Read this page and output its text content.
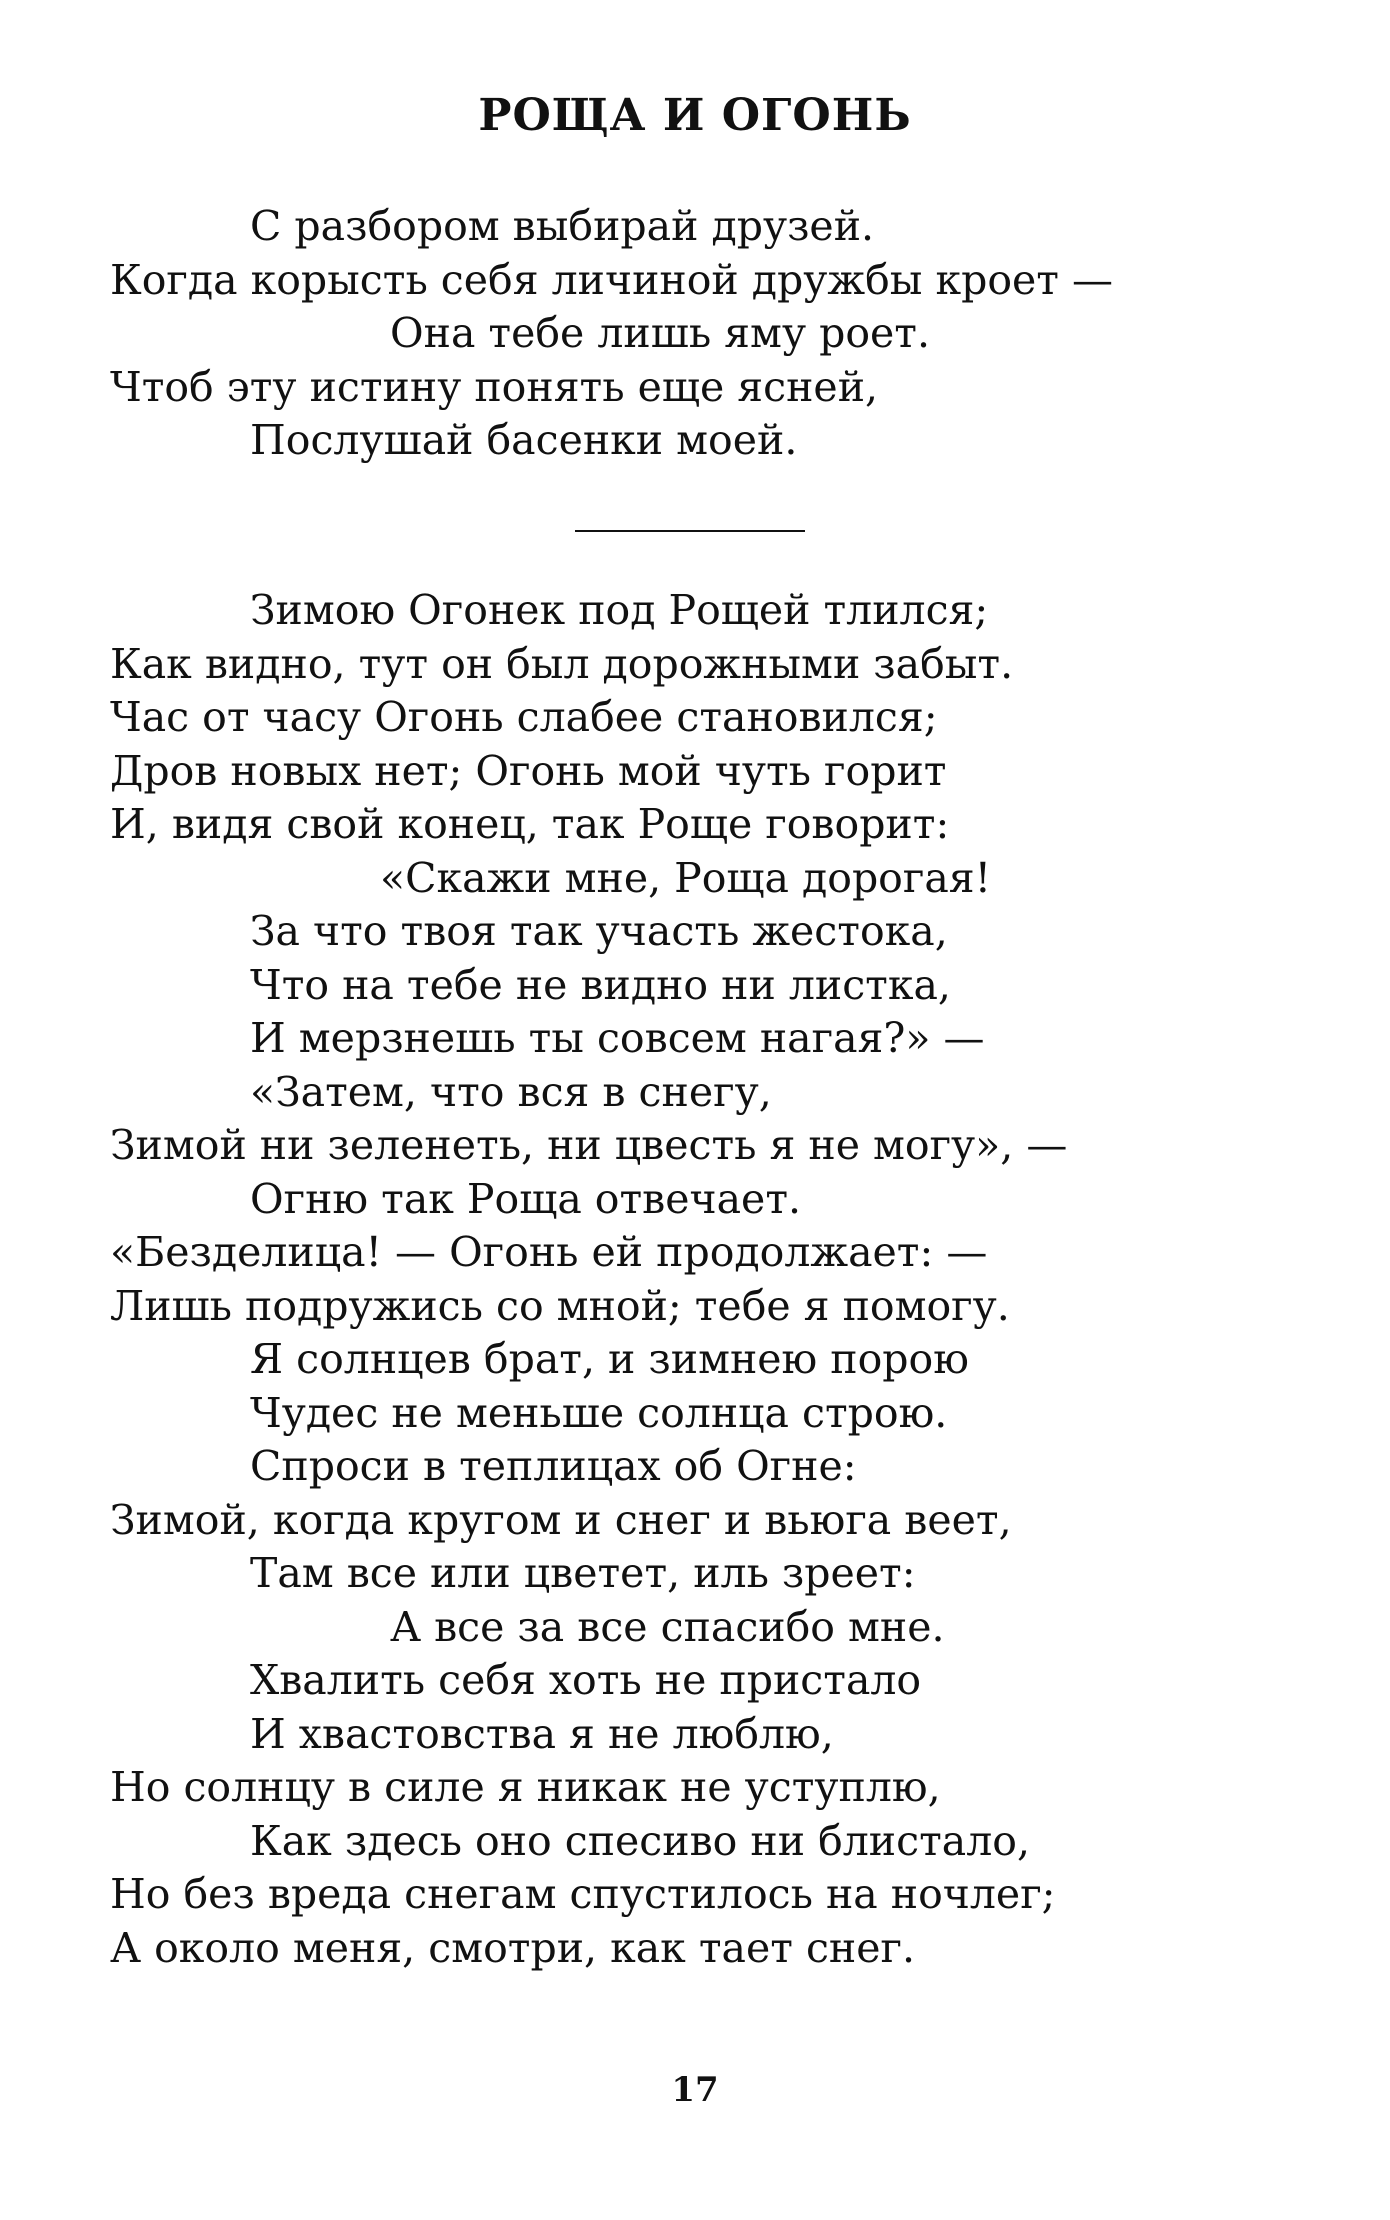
РОЩА И ОГОНЬ
С разбором выбирай друзей.
Когда корысть себя личиной дружбы кроет —
Она тебе лишь яму роет.
Чтоб эту истину понять еще ясней,
Послушай басенки моей.
Зимою Огонек под Рощей тлился;
Как видно, тут он был дорожными забыт.
Час от часу Огонь слабее становился;
Дров новых нет; Огонь мой чуть горит
И, видя свой конец, так Роще говорит:
«Скажи мне, Роща дорогая!
За что твоя так участь жестока,
Что на тебе не видно ни листка,
И мерзнешь ты совсем нагая?» —
«Затем, что вся в снегу,
Зимой ни зеленеть, ни цвесть я не могу», —
Огню так Роща отвечает.
«Безделица! — Огонь ей продолжает: —
Лишь подружись со мной; тебе я помогу.
Я солнцев брат, и зимнею порою
Чудес не меньше солнца строю.
Спроси в теплицах об Огне:
Зимой, когда кругом и снег и вьюга веет,
Там все или цветет, иль зреет:
А все за все спасибо мне.
Хвалить себя хоть не пристало
И хвастовства я не люблю,
Но солнцу в силе я никак не уступлю,
Как здесь оно спесиво ни блистало,
Но без вреда снегам спустилось на ночлег;
А около меня, смотри, как тает снег.
17
